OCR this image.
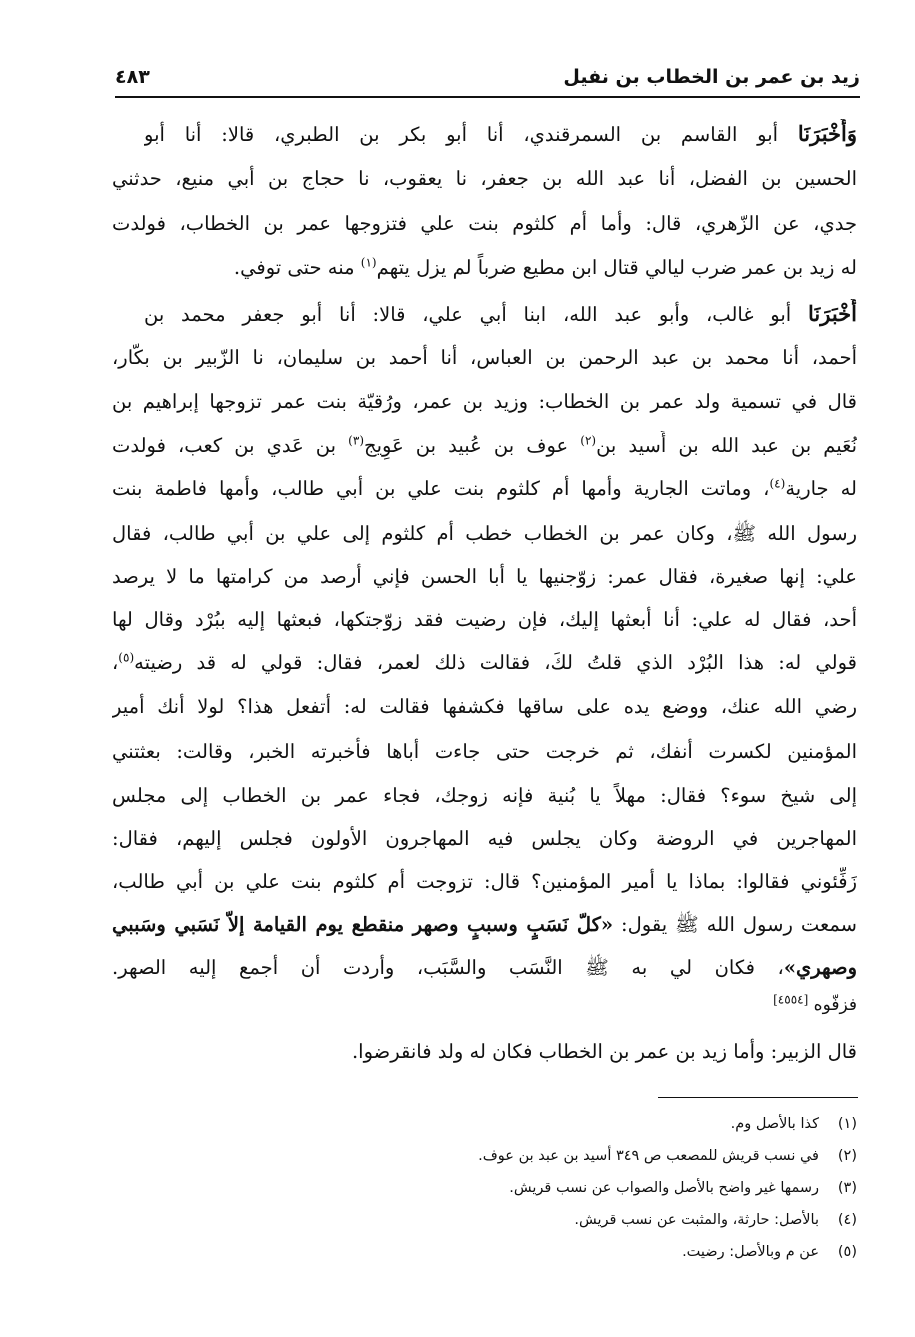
زيد بن عمر بن الخطاب بن نفيل
٤٨٣
وَأَخْبَرَنَا أبو القاسم بن السمرقندي، أنا أبو بكر بن الطبري، قالا: أنا أبو
الحسين بن الفضل، أنا عبد الله بن جعفر، نا يعقوب، نا حجاج بن أبي منيع، حدثني
جدي، عن الزّهري، قال: وأما أم كلثوم بنت علي فتزوجها عمر بن الخطاب، فولدت
له زيد بن عمر ضرب ليالي قتال ابن مطيع ضرباً لم يزل يتهم$^{(١)}$ منه حتى توفي.
أَخْبَرَنَا أبو غالب، وأبو عبد الله، ابنا أبي علي، قالا: أنا أبو جعفر محمد بن
أحمد، أنا محمد بن عبد الرحمن بن العباس، أنا أحمد بن سليمان، نا الزّبير بن بكّار،
قال في تسمية ولد عمر بن الخطاب: وزيد بن عمر، ورُقيّة بنت عمر تزوجها إبراهيم بن
نُعَيم بن عبد الله بن أَسيد بن$^{(٢)}$ عوف بن عُبيد بن عَوِيج$^{(٣)}$ بن عَدي بن كعب، فولدت
له جارية$^{(٤)}$، وماتت الجارية وأمها أم كلثوم بنت علي بن أبي طالب، وأمها فاطمة بنت
رسول الله ﷺ، وكان عمر بن الخطاب خطب أم كلثوم إلى علي بن أبي طالب، فقال
علي: إنها صغيرة، فقال عمر: زوّجنيها يا أبا الحسن فإني أرصد من كرامتها ما لا يرصد
أحد، فقال له علي: أنا أبعثها إليك، فإن رضيت فقد زوّجتكها، فبعثها إليه ببُرْد وقال لها
قولي له: هذا البُرْد الذي قلتُ لكَ، فقالت ذلك لعمر، فقال: قولي له قد رضيته$^{(٥)}$،
رضي الله عنك، ووضع يده على ساقها فكشفها فقالت له: أتفعل هذا؟ لولا أنك أمير
المؤمنين لكسرت أنفك، ثم خرجت حتى جاءت أباها فأخبرته الخبر، وقالت: بعثتني
إلى شيخ سوء؟ فقال: مهلاً يا بُنية فإنه زوجك، فجاء عمر بن الخطاب إلى مجلس
المهاجرين في الروضة وكان يجلس فيه المهاجرون الأولون فجلس إليهم، فقال:
زَفِّئوني فقالوا: بماذا يا أمير المؤمنين؟ قال: تزوجت أم كلثوم بنت علي بن أبي طالب،
سمعت رسول الله ﷺ يقول: «كلّ نَسَبٍ وسببٍ وصهر منقطع يوم القيامة إلاّ نَسَبي وسَببي
وصهري»، فكان لي به ﷺ النَّسَب والسَّبَب، وأردت أن أجمع إليه الصهر.
فزفّوه [٤٥٥٤]
قال الزبير: وأما زيد بن عمر بن الخطاب فكان له ولد فانقرضوا.
(١)كذا بالأصل وم.
(٢)في نسب قريش للمصعب ص ٣٤٩ أسيد بن عبد بن عوف.
(٣)رسمها غير واضح بالأصل والصواب عن نسب قريش.
(٤)بالأصل: حارثة، والمثبت عن نسب قريش.
(٥)عن م وبالأصل: رضيت.
